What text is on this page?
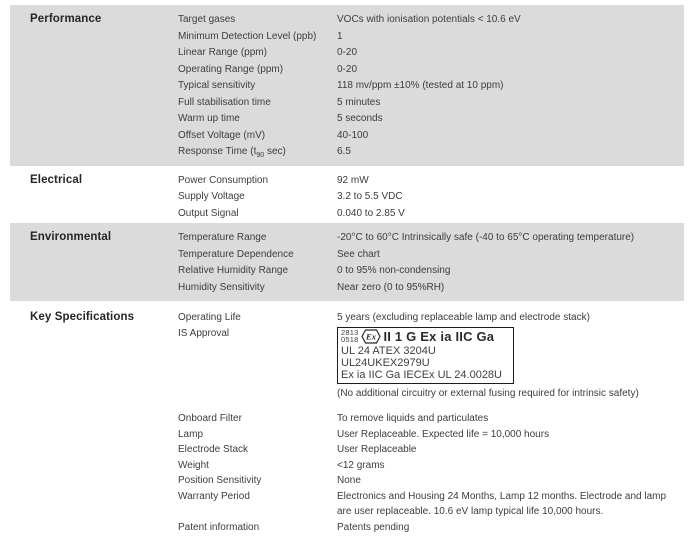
Performance	Target gases	VOCs with ionisation potentials < 10.6 eV
Minimum Detection Level (ppb)	1
Linear Range (ppm)	0-20
Operating Range (ppm)	0-20
Typical sensitivity	118 mv/ppm ±10% (tested at 10 ppm)
Full stabilisation time	5 minutes
Warm up time	5 seconds
Offset Voltage (mV)	40-100
Response Time ($t_{90}$ sec)	6.5
Electrical	Power Consumption	92 mW
Supply Voltage	3.2 to 5.5 VDC
Output Signal	0.040 to 2.85 V
Environmental	Temperature Range	-20°C to 60°C Intrinsically safe (-40 to 65°C operating temperature)
Temperature Dependence	See chart
Relative Humidity Range	0 to 95% non-condensing
Humidity Sensitivity	Near zero (0 to 95%RH)
Key Specifications	Operating Life	5 years (excluding replaceable lamp and electrode stack)
IS Approval	2813
0518 Ex II 1 G Ex ia IIC Ga
UL 24 ATEX 3204U
UL24UKEX2979U
Ex ia IIC Ga IECEx UL 24.0028U
(No additional circuitry or external fusing required for intrinsic safety)
Onboard Filter	To remove liquids and particulates
Lamp	User Replaceable. Expected life = 10,000 hours
Electrode Stack	User Replaceable
Weight	<12 grams
Position Sensitivity	None
Warranty Period	Electronics and Housing 24 Months, Lamp 12 months. Electrode and lamp
are user replaceable. 10.6 eV lamp typical life 10,000 hours.
Patent information	Patents pending
